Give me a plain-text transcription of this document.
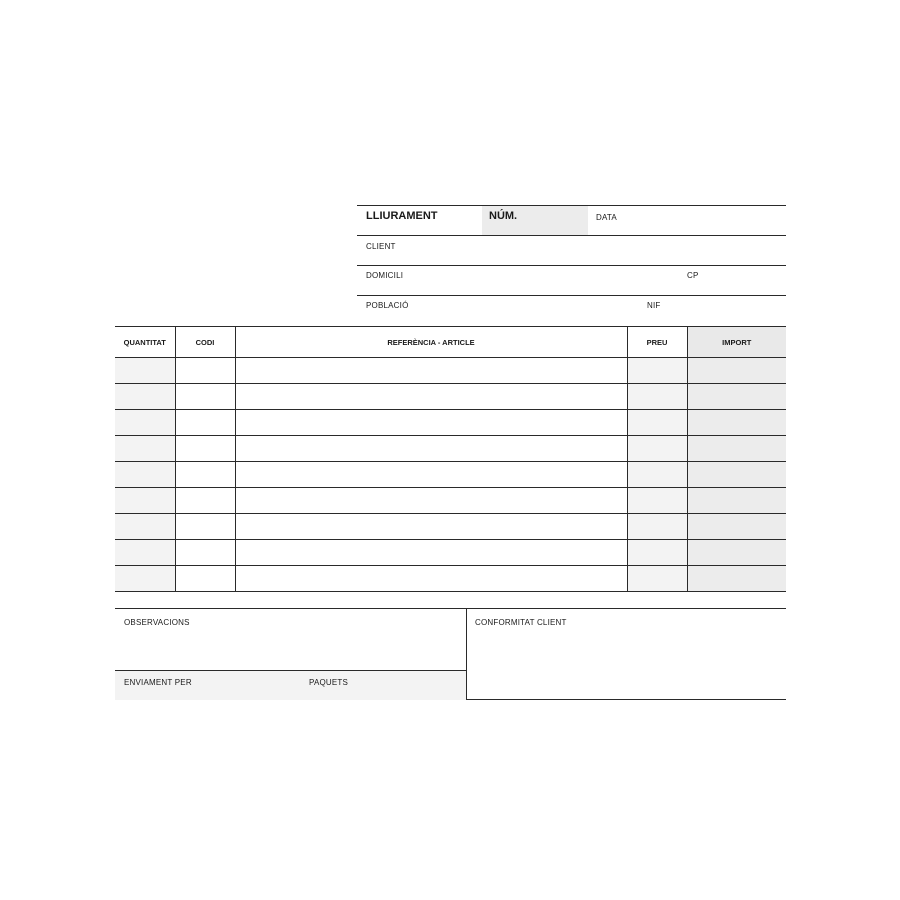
LLIURAMENT	NÚM.	DATA
CLIENT
DOMICILI	CP
POBLACIÓ	NIF
QUANTITAT	CODI	REFERÈNCIA - ARTICLE	PREU	IMPORT

OBSERVACIONS
ENVIAMENT PER	PAQUETS
CONFORMITAT CLIENT
